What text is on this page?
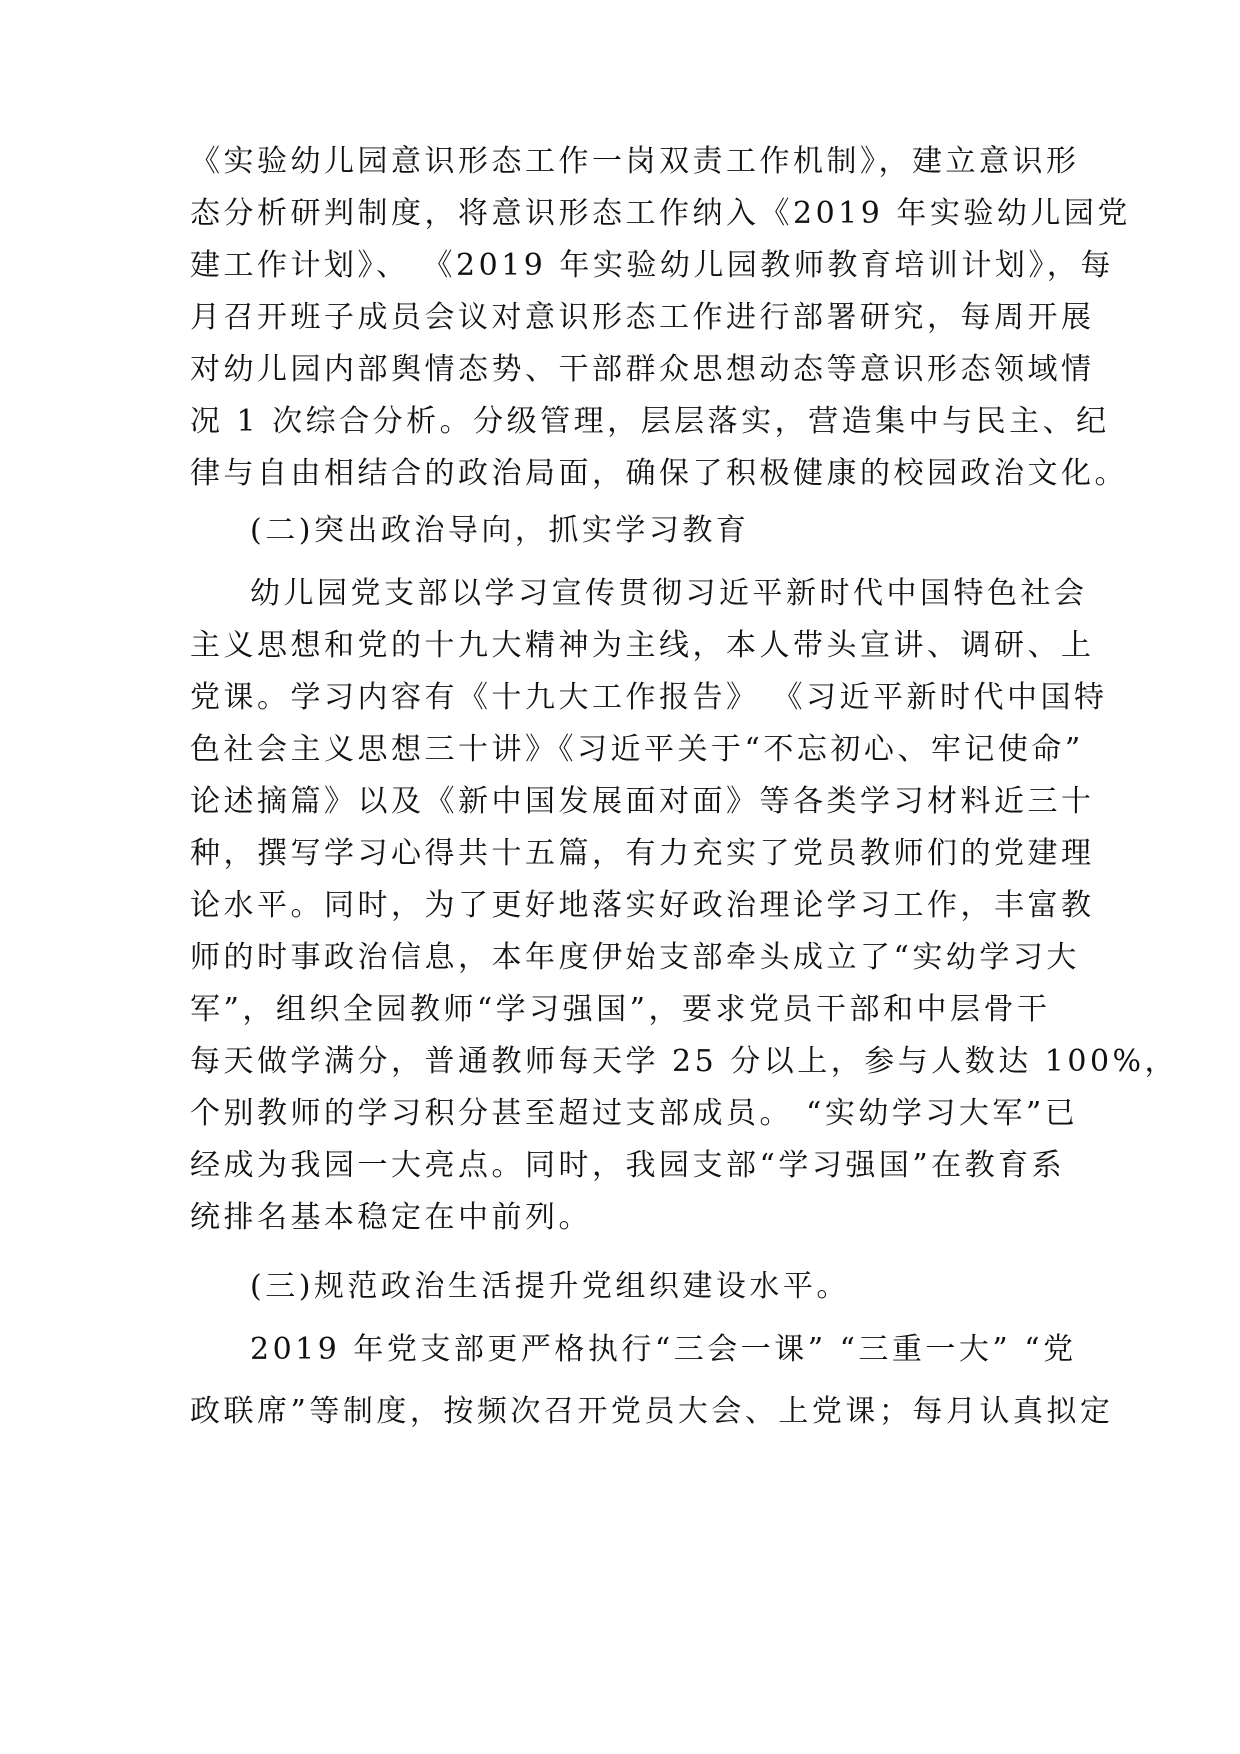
《实验幼儿园意识形态工作一岗双责工作机制》，建立意识形
态分析研判制度，将意识形态工作纳入《2019 年实验幼儿园党
建工作计划》、 《2019 年实验幼儿园教师教育培训计划》，每
月召开班子成员会议对意识形态工作进行部署研究，每周开展
对幼儿园内部舆情态势、干部群众思想动态等意识形态领域情
况 1 次综合分析。分级管理，层层落实，营造集中与民主、纪
律与自由相结合的政治局面，确保了积极健康的校园政治文化。
(二)突出政治导向，抓实学习教育
幼儿园党支部以学习宣传贯彻习近平新时代中国特色社会
主义思想和党的十九大精神为主线，本人带头宣讲、调研、上
党课。学习内容有《十九大工作报告》 《习近平新时代中国特
色社会主义思想三十讲》《习近平关于“不忘初心、牢记使命”
论述摘篇》以及《新中国发展面对面》等各类学习材料近三十
种，撰写学习心得共十五篇，有力充实了党员教师们的党建理
论水平。同时，为了更好地落实好政治理论学习工作，丰富教
师的时事政治信息，本年度伊始支部牵头成立了“实幼学习大
军”，组织全园教师“学习强国”，要求党员干部和中层骨干
每天做学满分，普通教师每天学 25 分以上，参与人数达 100%，
个别教师的学习积分甚至超过支部成员。 “实幼学习大军”已
经成为我园一大亮点。同时，我园支部“学习强国”在教育系
统排名基本稳定在中前列。
(三)规范政治生活提升党组织建设水平。
2019 年党支部更严格执行“三会一课” “三重一大” “党
政联席”等制度，按频次召开党员大会、上党课；每月认真拟定
